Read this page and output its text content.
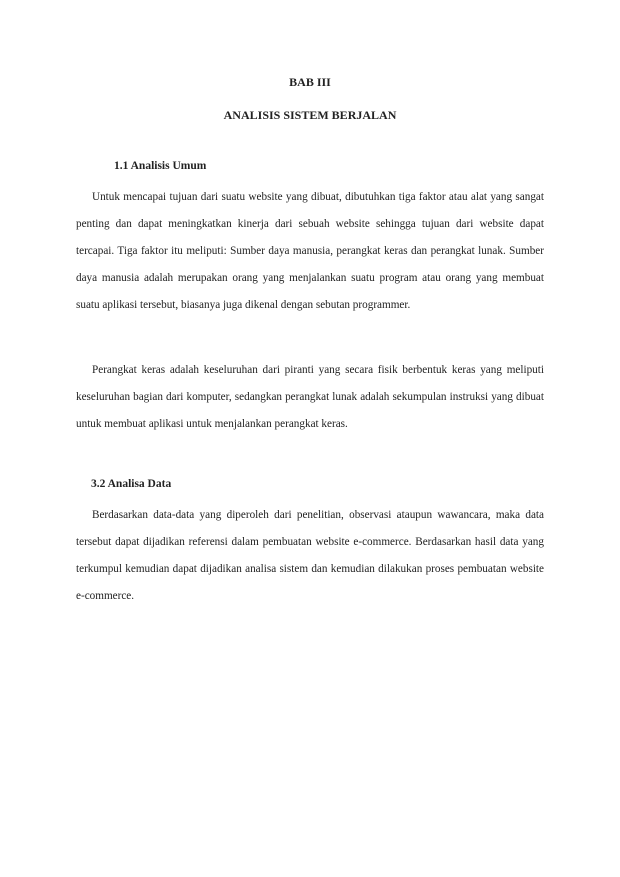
BAB III
ANALISIS SISTEM BERJALAN
1.1 Analisis Umum

Untuk mencapai tujuan dari suatu website yang dibuat, dibutuhkan tiga faktor atau alat yang sangat penting dan dapat meningkatkan kinerja dari sebuah website sehingga tujuan dari website dapat tercapai. Tiga faktor itu meliputi: Sumber daya manusia, perangkat keras dan perangkat lunak. Sumber daya manusia adalah merupakan orang yang menjalankan suatu program atau orang yang membuat suatu aplikasi tersebut, biasanya juga dikenal dengan sebutan programmer.

Perangkat keras adalah keseluruhan dari piranti yang secara fisik berbentuk keras yang meliputi keseluruhan bagian dari komputer, sedangkan perangkat lunak adalah sekumpulan instruksi yang dibuat untuk membuat aplikasi untuk menjalankan perangkat keras.

3.2 Analisa Data

Berdasarkan data-data yang diperoleh dari penelitian, observasi ataupun wawancara, maka data tersebut dapat dijadikan referensi dalam pembuatan website e-commerce. Berdasarkan hasil data yang terkumpul kemudian dapat dijadikan analisa sistem dan kemudian dilakukan proses pembuatan website e-commerce.
